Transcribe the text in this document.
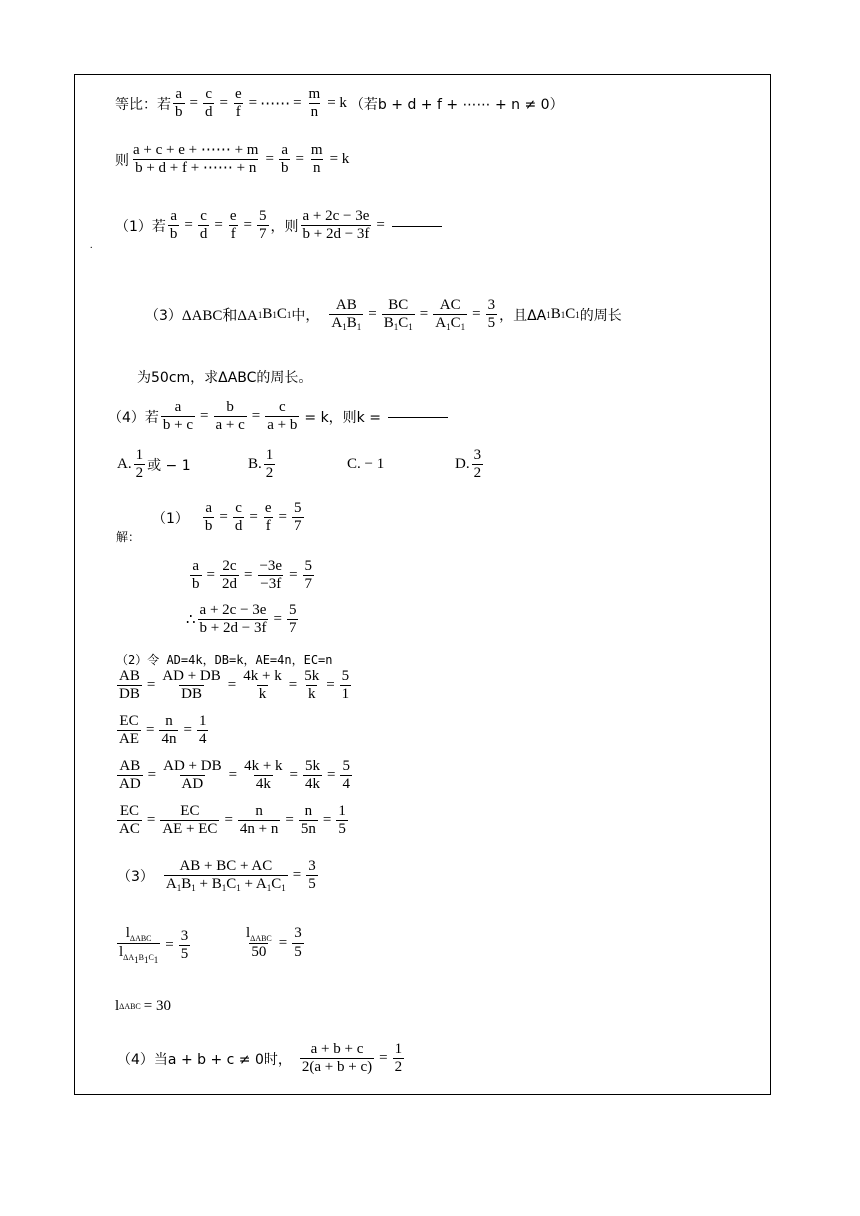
.
等比：若 $\frac{a}{b} = \frac{c}{d} = \frac{e}{f}$ = ⋯⋯ = $\frac{m}{n} = k$ （若b + d + f + ⋯⋯ + n ≠ 0）
则 $\frac{a + c + e + \cdots\cdots + m}{b + d + f + \cdots\cdots + n} = \frac{a}{b} = \frac{m}{n} = k$
（1）若 $\frac{a}{b} = \frac{c}{d} = \frac{e}{f} = \frac{5}{7}$ ，则 $\frac{a + 2c - 3e}{b + 2d - 3f}$ =
（3） ΔABC和ΔA 1 B 1 C 1 中， $\frac{AB}{A_1B_1} = \frac{BC}{B_1C_1} = \frac{AC}{A_1C_1} = \frac{3}{5}$ ，且ΔA 1 B 1 C 1 的周长
为50cm，求ΔABC的周长。
（4）若 $\frac{a}{b + c} = \frac{b}{a + c} = \frac{c}{a + b} = k$，则k =
A. $\frac{1}{2}$ 或 − 1	B. $\frac{1}{2}$	C. − 1	D. $\frac{3}{2}$
解：
$(1) \frac{a}{b} = \frac{c}{d} = \frac{e}{f} = \frac{5}{7}$
$\frac{a}{b} = \frac{2c}{2d} = \frac{-3e}{-3f} = \frac{5}{7}$
∴ $\frac{a + 2c - 3e}{b + 2d - 3f} = \frac{5}{7}$
（2）令 AD=4k，DB=k，AE=4n，EC=n
$\frac{AB}{DB} = \frac{AD + DB}{DB} = \frac{4k + k}{k} = \frac{5k}{k} = \frac{5}{1}$
$\frac{EC}{AE} = \frac{n}{4n} = \frac{1}{4}$
$\frac{AB}{AD} = \frac{AD + DB}{AD} = \frac{4k + k}{4k} = \frac{5k}{4k} = \frac{5}{4}$
$\frac{EC}{AC} = \frac{EC}{AE + EC} = \frac{n}{4n + n} = \frac{n}{5n} = \frac{1}{5}$
$(3) \frac{AB + BC + AC}{A_1B_1 + B_1C_1 + A_1C_1} = \frac{3}{5}$
$\frac{l_{\Delta ABC}}{l_{\Delta A_1B_1C_1}} = \frac{3}{5}$	$\frac{l_{\Delta ABC}}{50} = \frac{3}{5}$
l ΔABC = 30
（4）当 a + b + c ≠ 0时， $\frac{a + b + c}{2(a + b + c)} = \frac{1}{2}$
